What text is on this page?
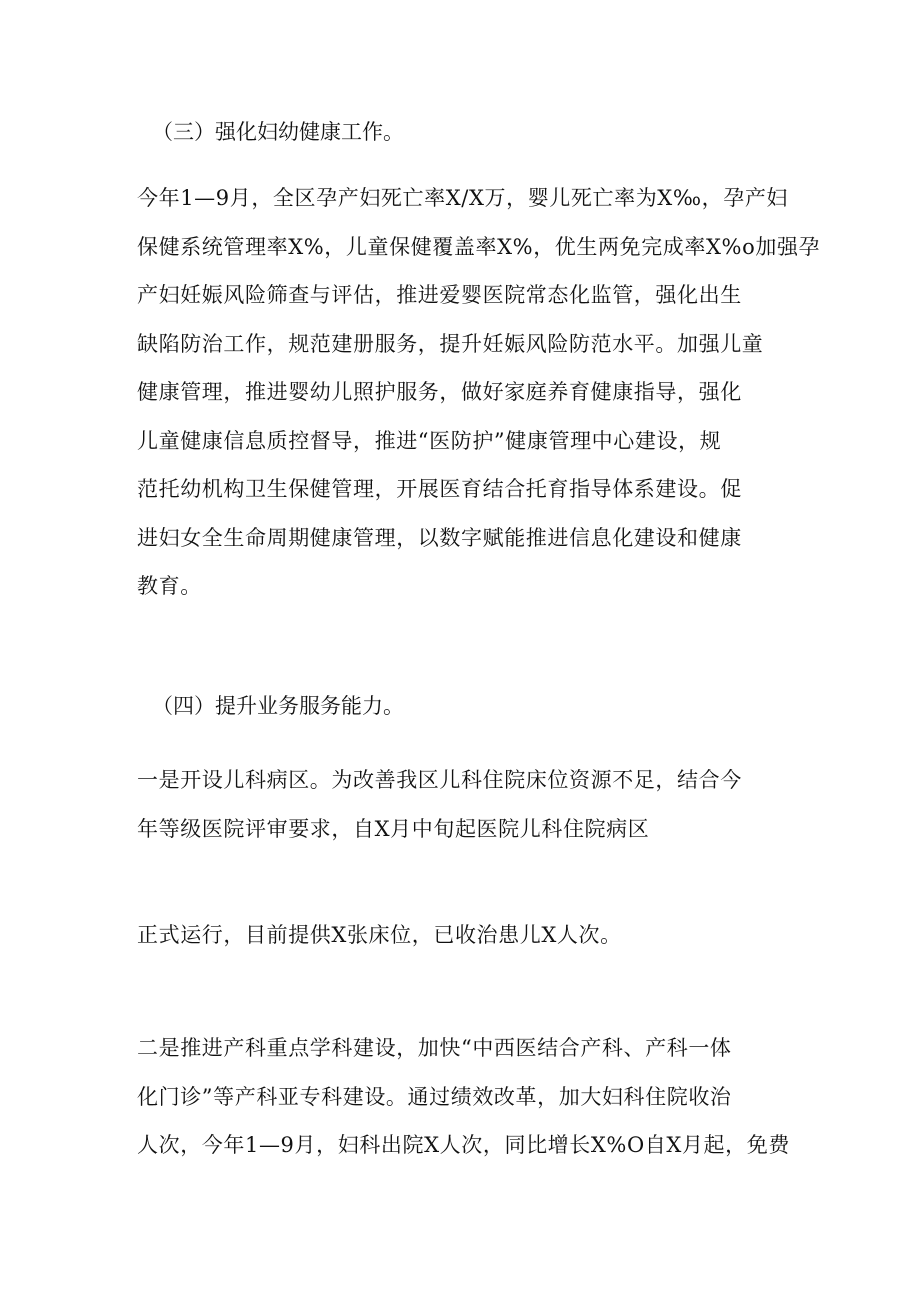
（三）强化妇幼健康工作。
今年1—9月，全区孕产妇死亡率X/X万，婴儿死亡率为X‰，孕产妇
保健系统管理率X%，儿童保健覆盖率X%，优生两免完成率X%o加强孕
产妇妊娠风险筛查与评估，推进爱婴医院常态化监管，强化出生
缺陷防治工作，规范建册服务，提升妊娠风险防范水平。加强儿童
健康管理，推进婴幼儿照护服务，做好家庭养育健康指导，强化
儿童健康信息质控督导，推进“医防护”健康管理中心建设，规
范托幼机构卫生保健管理，开展医育结合托育指导体系建设。促
进妇女全生命周期健康管理，以数字赋能推进信息化建设和健康
教育。
（四）提升业务服务能力。
一是开设儿科病区。为改善我区儿科住院床位资源不足，结合今
年等级医院评审要求，自X月中旬起医院儿科住院病区
正式运行，目前提供X张床位，已收治患儿X人次。
二是推进产科重点学科建设，加快“中西医结合产科、产科一体
化门诊”等产科亚专科建设。通过绩效改革，加大妇科住院收治
人次，今年1—9月，妇科出院X人次，同比增长X%O自X月起，免费
